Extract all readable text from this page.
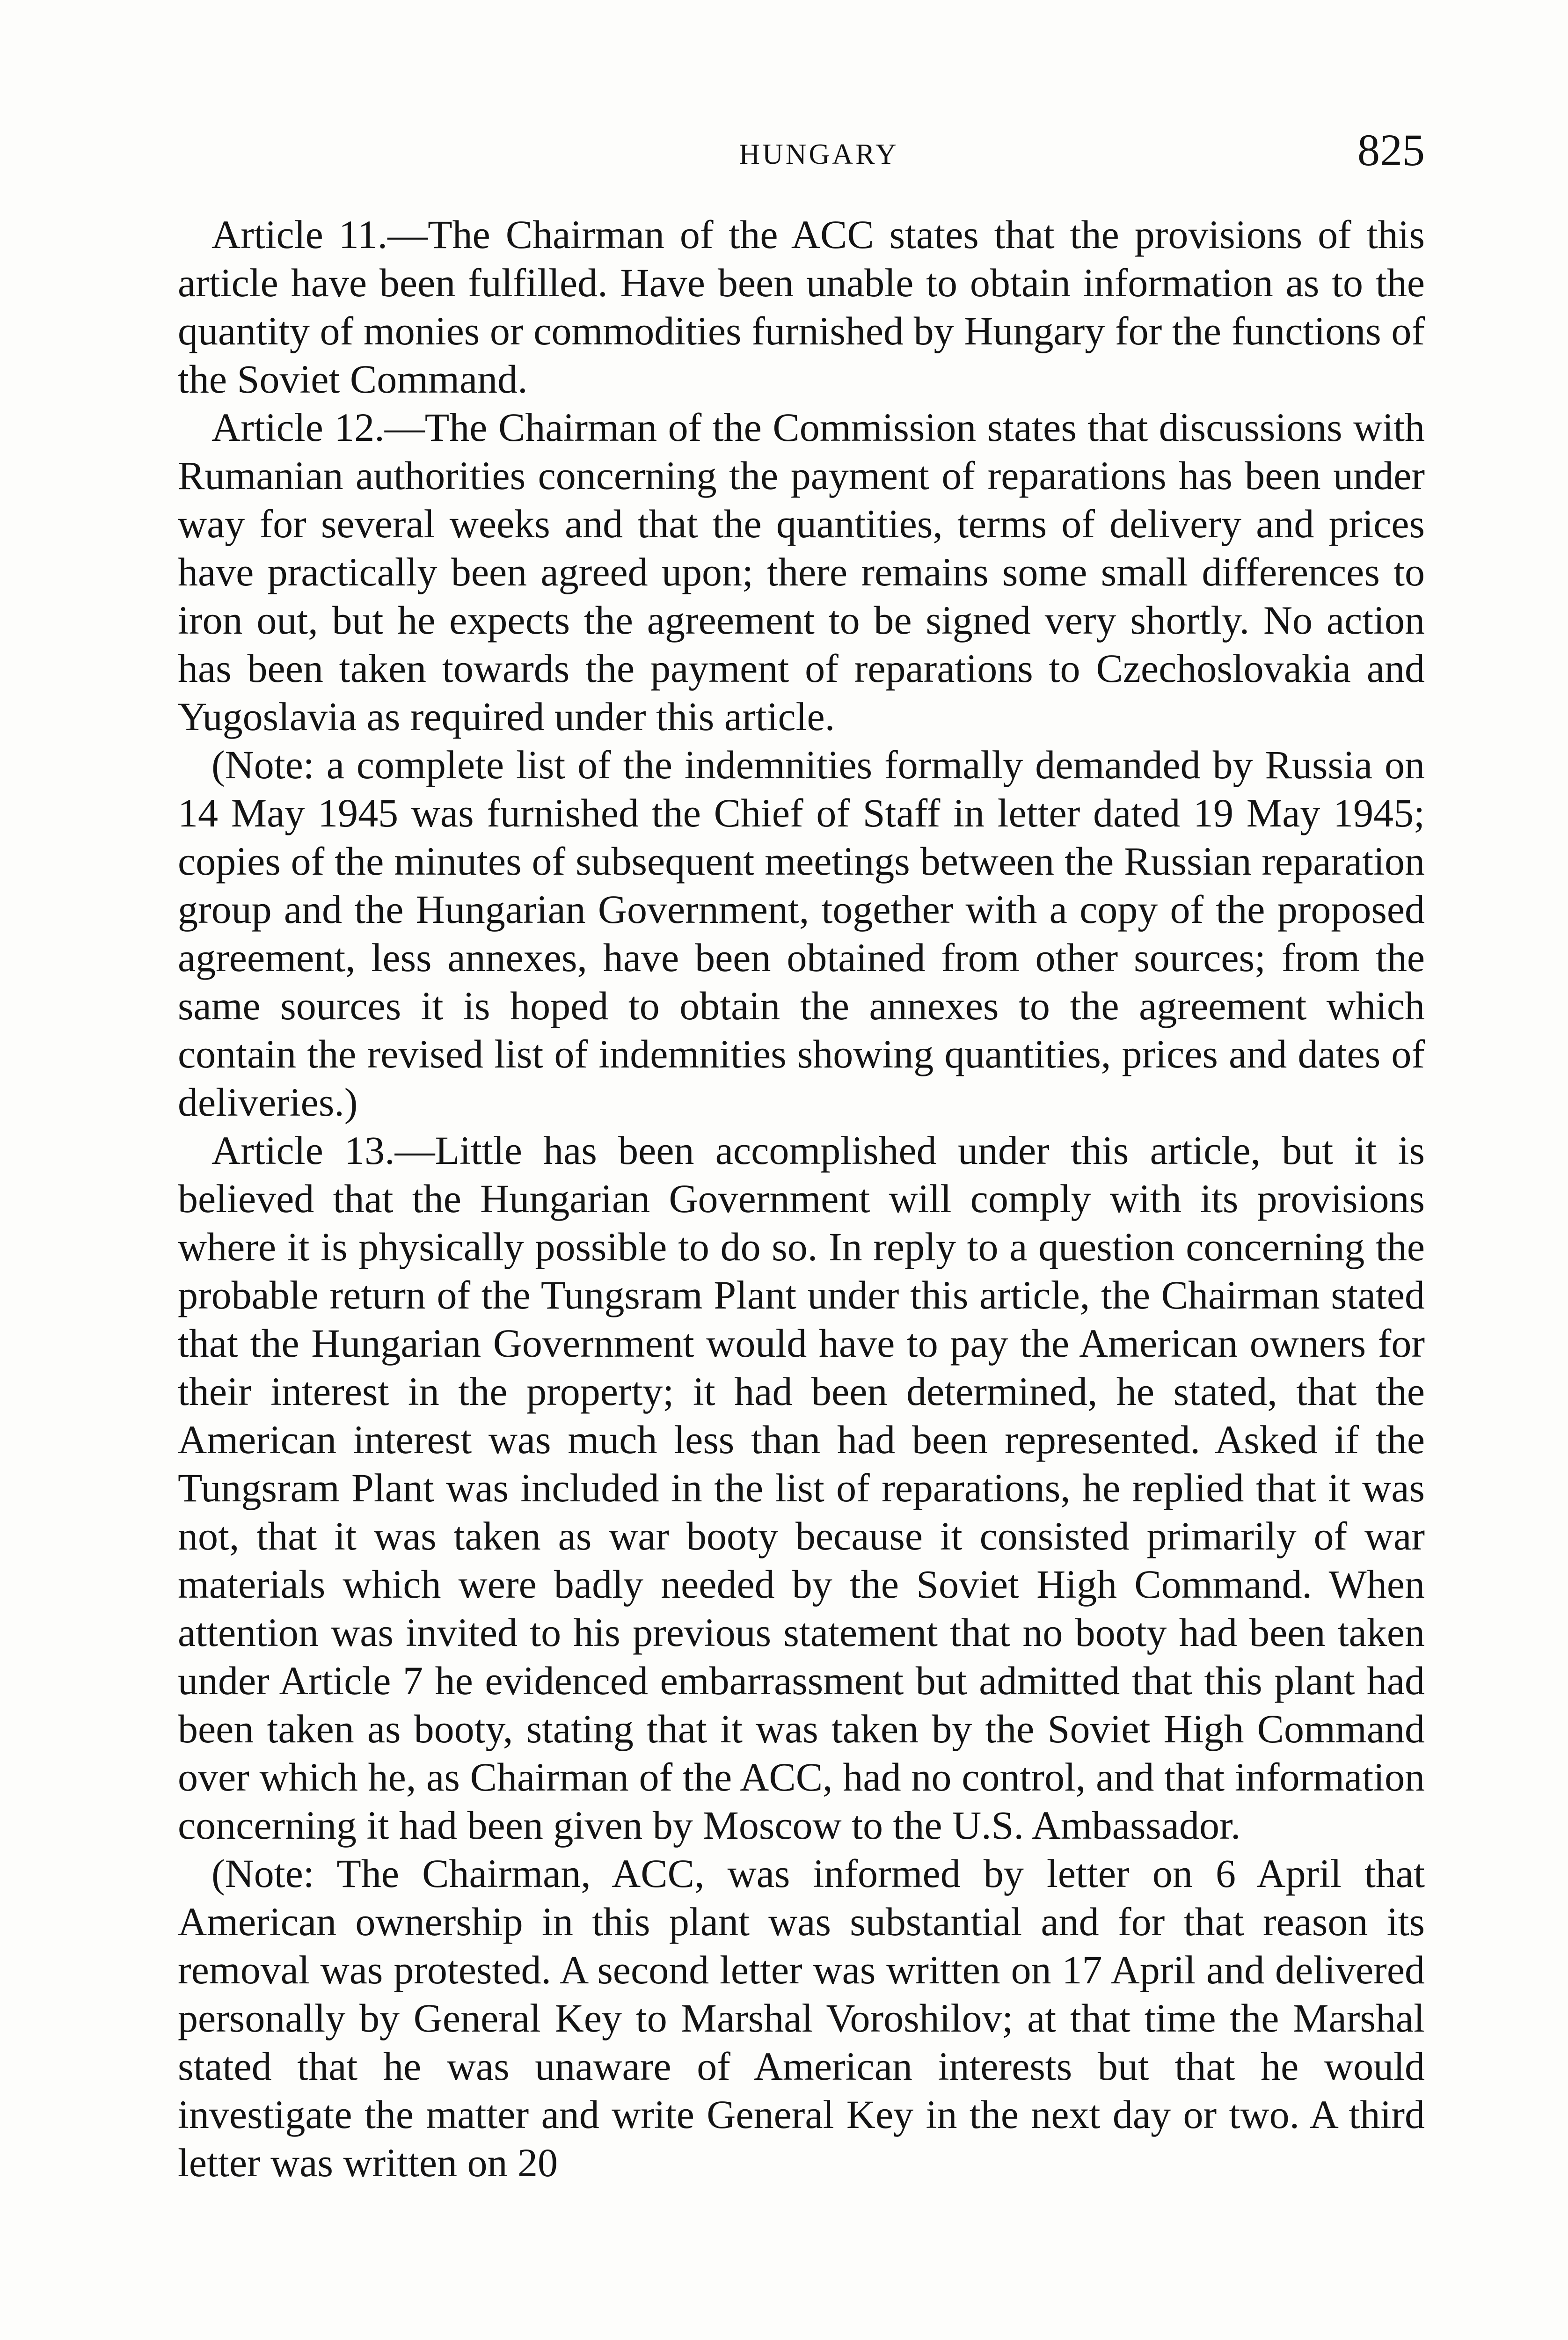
HUNGARY	825

Article 11.—The Chairman of the ACC states that the provisions of this article have been fulfilled. Have been unable to obtain information as to the quantity of monies or commodities furnished by Hungary for the functions of the Soviet Command.

Article 12.—The Chairman of the Commission states that discussions with Rumanian authorities concerning the payment of reparations has been under way for several weeks and that the quantities, terms of delivery and prices have practically been agreed upon; there remains some small differences to iron out, but he expects the agreement to be signed very shortly. No action has been taken towards the payment of reparations to Czechoslovakia and Yugoslavia as required under this article.

(Note: a complete list of the indemnities formally demanded by Russia on 14 May 1945 was furnished the Chief of Staff in letter dated 19 May 1945; copies of the minutes of subsequent meetings between the Russian reparation group and the Hungarian Government, together with a copy of the proposed agreement, less annexes, have been obtained from other sources; from the same sources it is hoped to obtain the annexes to the agreement which contain the revised list of indemnities showing quantities, prices and dates of deliveries.)

Article 13.—Little has been accomplished under this article, but it is believed that the Hungarian Government will comply with its provisions where it is physically possible to do so. In reply to a question concerning the probable return of the Tungsram Plant under this article, the Chairman stated that the Hungarian Government would have to pay the American owners for their interest in the property; it had been determined, he stated, that the American interest was much less than had been represented. Asked if the Tungsram Plant was included in the list of reparations, he replied that it was not, that it was taken as war booty because it consisted primarily of war materials which were badly needed by the Soviet High Command. When attention was invited to his previous statement that no booty had been taken under Article 7 he evidenced embarrassment but admitted that this plant had been taken as booty, stating that it was taken by the Soviet High Command over which he, as Chairman of the ACC, had no control, and that information concerning it had been given by Moscow to the U.S. Ambassador.

(Note: The Chairman, ACC, was informed by letter on 6 April that American ownership in this plant was substantial and for that reason its removal was protested. A second letter was written on 17 April and delivered personally by General Key to Marshal Voroshilov; at that time the Marshal stated that he was unaware of American interests but that he would investigate the matter and write General Key in the next day or two. A third letter was written on 20
